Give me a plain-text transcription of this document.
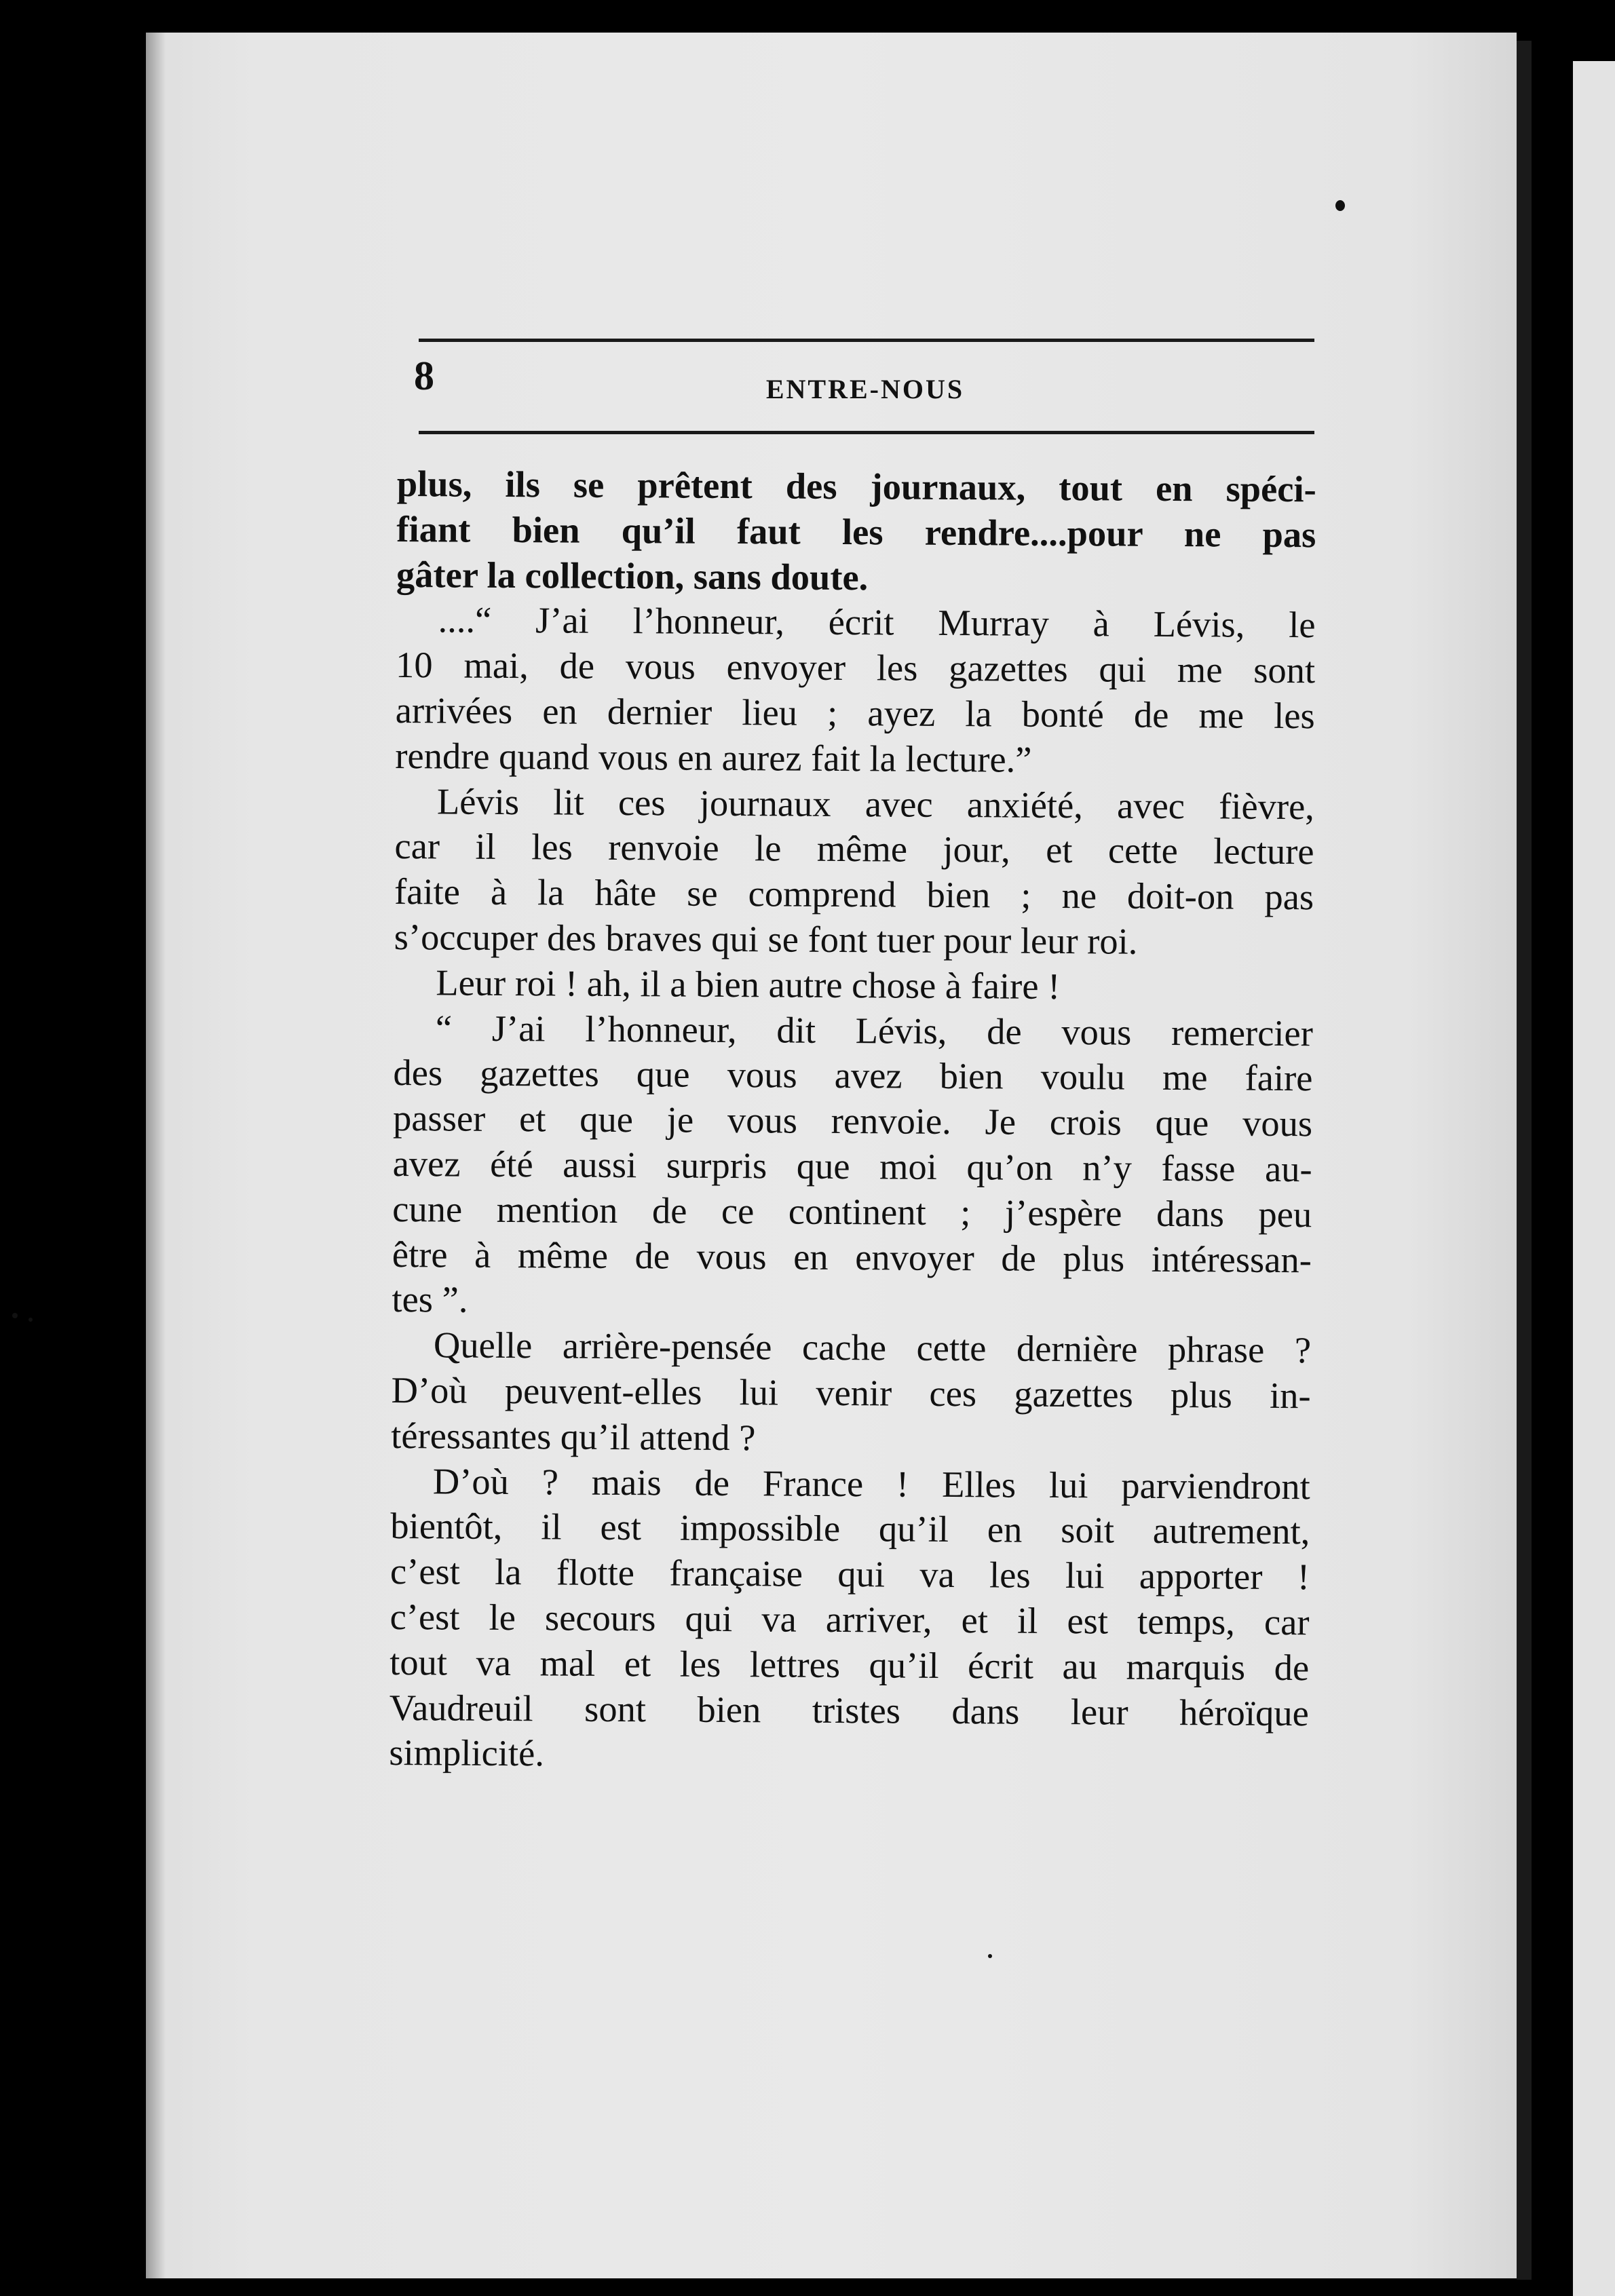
8	ENTRE-NOUS

plus, ils se prêtent des journaux, tout en spéci-

fiant bien qu’il faut les rendre....pour ne pas

gâter la collection, sans doute.

....“ J’ai l’honneur, écrit Murray à Lévis, le

10 mai, de vous envoyer les gazettes qui me sont

arrivées en dernier lieu ; ayez la bonté de me les

rendre quand vous en aurez fait la lecture.”

Lévis lit ces journaux avec anxiété, avec fièvre,

car il les renvoie le même jour, et cette lecture

faite à la hâte se comprend bien ; ne doit-on pas

s’occuper des braves qui se font tuer pour leur roi.

Leur roi ! ah, il a bien autre chose à faire !

“ J’ai l’honneur, dit Lévis, de vous remercier

des gazettes que vous avez bien voulu me faire

passer et que je vous renvoie. Je crois que vous

avez été aussi surpris que moi qu’on n’y fasse au-

cune mention de ce continent ; j’espère dans peu

être à même de vous en envoyer de plus intéressan-

tes ”.

Quelle arrière-pensée cache cette dernière phrase ?

D’où peuvent-elles lui venir ces gazettes plus in-

téressantes qu’il attend ?

D’où ? mais de France ! Elles lui parviendront

bientôt, il est impossible qu’il en soit autrement,

c’est la flotte française qui va les lui apporter !

c’est le secours qui va arriver, et il est temps, car

tout va mal et les lettres qu’il écrit au marquis de

Vaudreuil sont bien tristes dans leur héroïque

simplicité.
